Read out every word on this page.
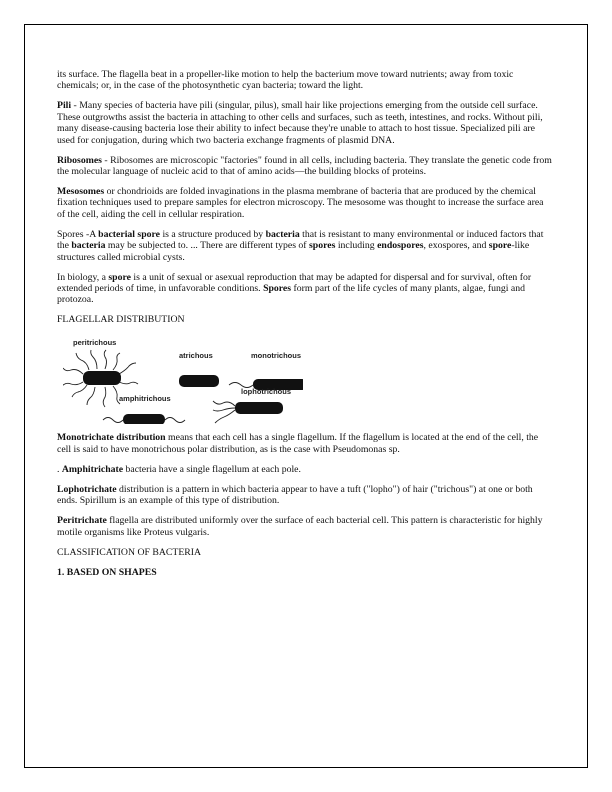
its surface. The flagella beat in a propeller-like motion to help the bacterium move toward nutrients; away from toxic chemicals; or, in the case of the photosynthetic cyan bacteria; toward the light.

Pili - Many species of bacteria have pili (singular, pilus), small hair like projections emerging from the outside cell surface. These outgrowths assist the bacteria in attaching to other cells and surfaces, such as teeth, intestines, and rocks. Without pili, many disease-causing bacteria lose their ability to infect because they're unable to attach to host tissue. Specialized pili are used for conjugation, during which two bacteria exchange fragments of plasmid DNA.

Ribosomes - Ribosomes are microscopic "factories" found in all cells, including bacteria. They translate the genetic code from the molecular language of nucleic acid to that of amino acids—the building blocks of proteins.

Mesosomes or chondrioids are folded invaginations in the plasma membrane of bacteria that are produced by the chemical fixation techniques used to prepare samples for electron microscopy. The mesosome was thought to increase the surface area of the cell, aiding the cell in cellular respiration.

Spores -A bacterial spore is a structure produced by bacteria that is resistant to many environmental or induced factors that the bacteria may be subjected to. ... There are different types of spores including endospores, exospores, and spore-like structures called microbial cysts.

In biology, a spore is a unit of sexual or asexual reproduction that may be adapted for dispersal and for survival, often for extended periods of time, in unfavorable conditions. Spores form part of the life cycles of many plants, algae, fungi and protozoa.

FLAGELLAR DISTRIBUTION

peritrichous
atrichous	monotrichous
amphitrichous
lophotrichous

Monotrichate distribution means that each cell has a single flagellum. If the flagellum is located at the end of the cell, the cell is said to have monotrichous polar distribution, as is the case with Pseudomonas sp.

. Amphitrichate bacteria have a single flagellum at each pole.

Lophotrichate distribution is a pattern in which bacteria appear to have a tuft ("lopho") of hair ("trichous") at one or both ends. Spirillum is an example of this type of distribution.

Peritrichate flagella are distributed uniformly over the surface of each bacterial cell. This pattern is characteristic for highly motile organisms like Proteus vulgaris.

CLASSIFICATION OF BACTERIA

1. BASED ON SHAPES
